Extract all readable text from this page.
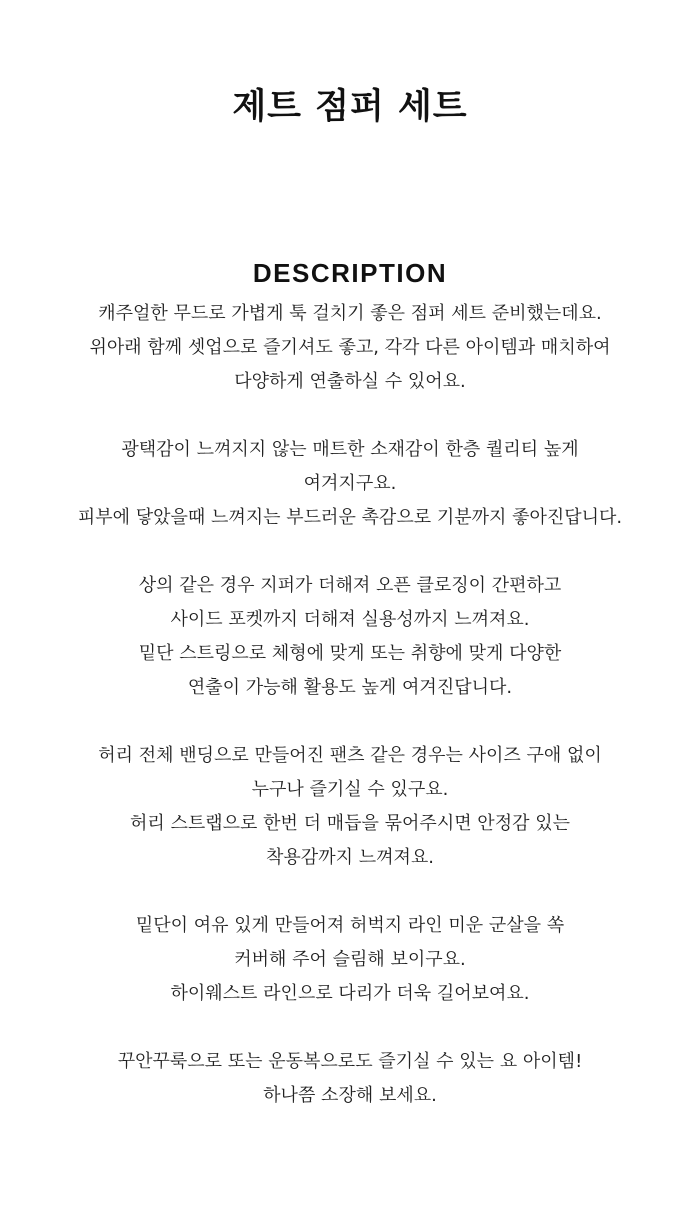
제트 점퍼 세트
DESCRIPTION

캐주얼한 무드로 가볍게 툭 걸치기 좋은 점퍼 세트 준비했는데요.
위아래 함께 셋업으로 즐기셔도 좋고, 각각 다른 아이템과 매치하여
다양하게 연출하실 수 있어요.

광택감이 느껴지지 않는 매트한 소재감이 한층 퀄리티 높게
여겨지구요.
피부에 닿았을때 느껴지는 부드러운 촉감으로 기분까지 좋아진답니다.

상의 같은 경우 지퍼가 더해져 오픈 클로징이 간편하고
사이드 포켓까지 더해져 실용성까지 느껴져요.
밑단 스트링으로 체형에 맞게 또는 취향에 맞게 다양한
연출이 가능해 활용도 높게 여겨진답니다.

허리 전체 밴딩으로 만들어진 팬츠 같은 경우는 사이즈 구애 없이
누구나 즐기실 수 있구요.
허리 스트랩으로 한번 더 매듭을 묶어주시면 안정감 있는
착용감까지 느껴져요.

밑단이 여유 있게 만들어져 허벅지 라인 미운 군살을 쏙
커버해 주어 슬림해 보이구요.
하이웨스트 라인으로 다리가 더욱 길어보여요.

꾸안꾸룩으로 또는 운동복으로도 즐기실 수 있는 요 아이템!
하나쯤 소장해 보세요.
